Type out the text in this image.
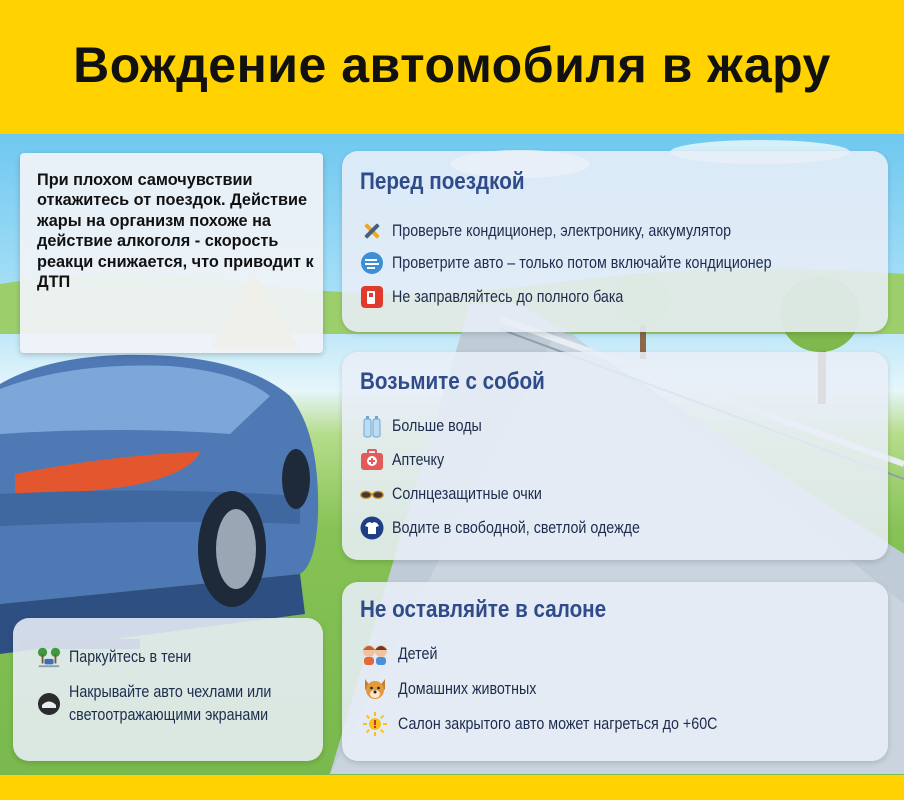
Вождение автомобиля в жару
При плохом самочувствии откажитесь от поездок. Действие жары на организм похоже на действие алкоголя - скорость реакци снижается, что приводит к ДТП
Перед поездкой
Проверьте кондиционер, электронику, аккумулятор
Проветрите авто – только потом включайте кондиционер
Не заправляйтесь до полного бака
Возьмите с собой
Больше воды
Аптечку
Солнцезащитные очки
Водите в свободной, светлой одежде
Паркуйтесь в тени
Накрывайте авто чехлами или
светоотражающими экранами
Не оставляйте в салоне
Детей
Домашних животных
Салон закрытого авто может нагреться до +60С
